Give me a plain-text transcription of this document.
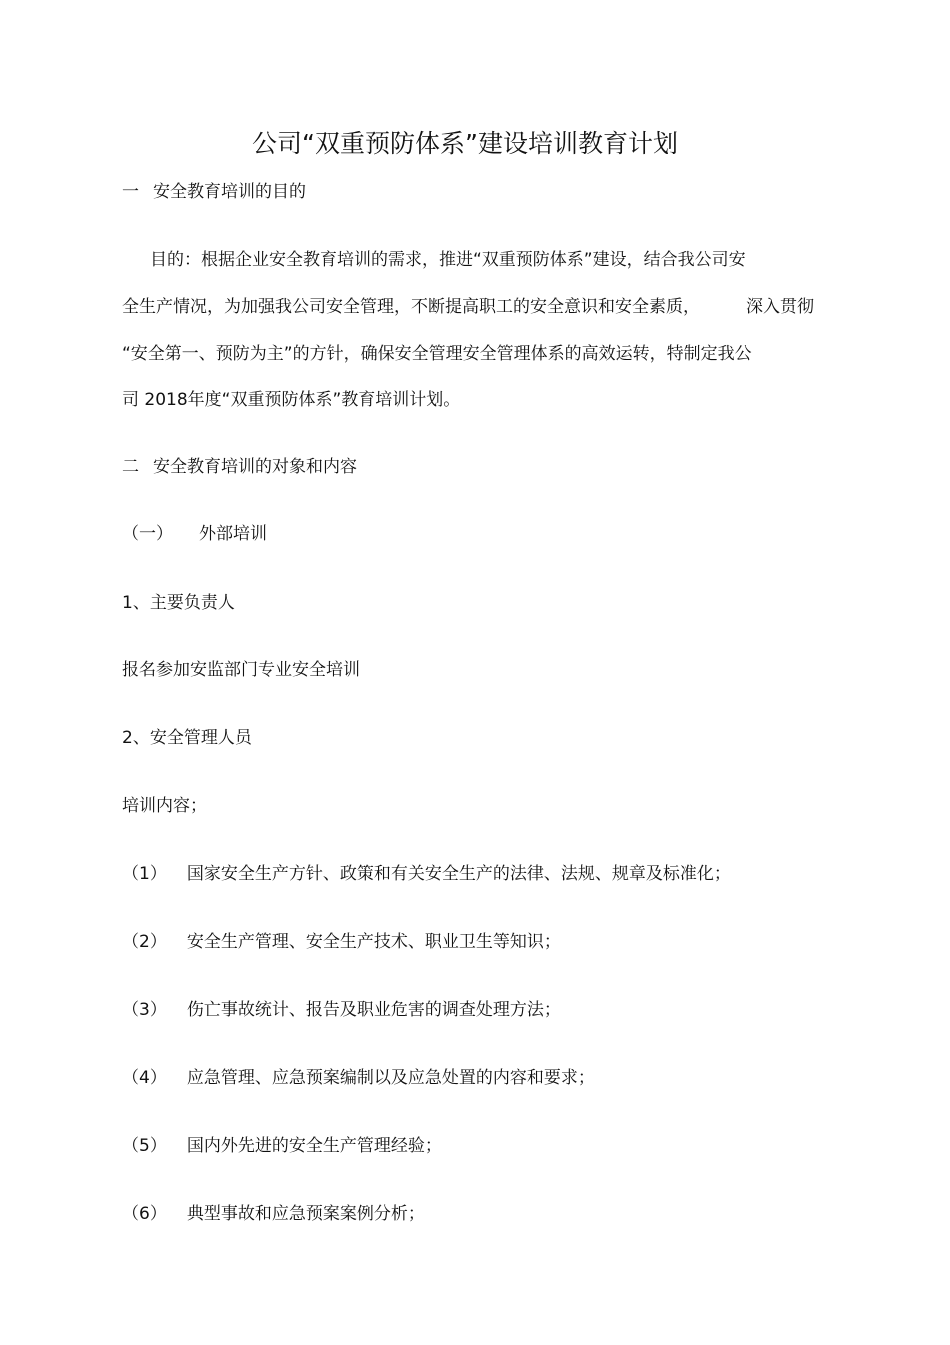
公司“双重预防体系”建设培训教育计划
一 安全教育培训的目的
目的：根据企业安全教育培训的需求，推进“双重预防体系”建设，结合我公司安
全生产情况，为加强我公司安全管理，不断提高职工的安全意识和安全素质，	深入贯彻
“安全第一、预防为主”的方针，确保安全管理安全管理体系的高效运转，特制定我公
司 2018年度“双重预防体系”教育培训计划。
二 安全教育培训的对象和内容
（一） 外部培训
1、主要负责人
报名参加安监部门专业安全培训
2、安全管理人员
培训内容；
（1） 国家安全生产方针、政策和有关安全生产的法律、法规、规章及标准化；
（2） 安全生产管理、安全生产技术、职业卫生等知识；
（3） 伤亡事故统计、报告及职业危害的调查处理方法；
（4） 应急管理、应急预案编制以及应急处置的内容和要求；
（5） 国内外先进的安全生产管理经验；
（6） 典型事故和应急预案案例分析；
